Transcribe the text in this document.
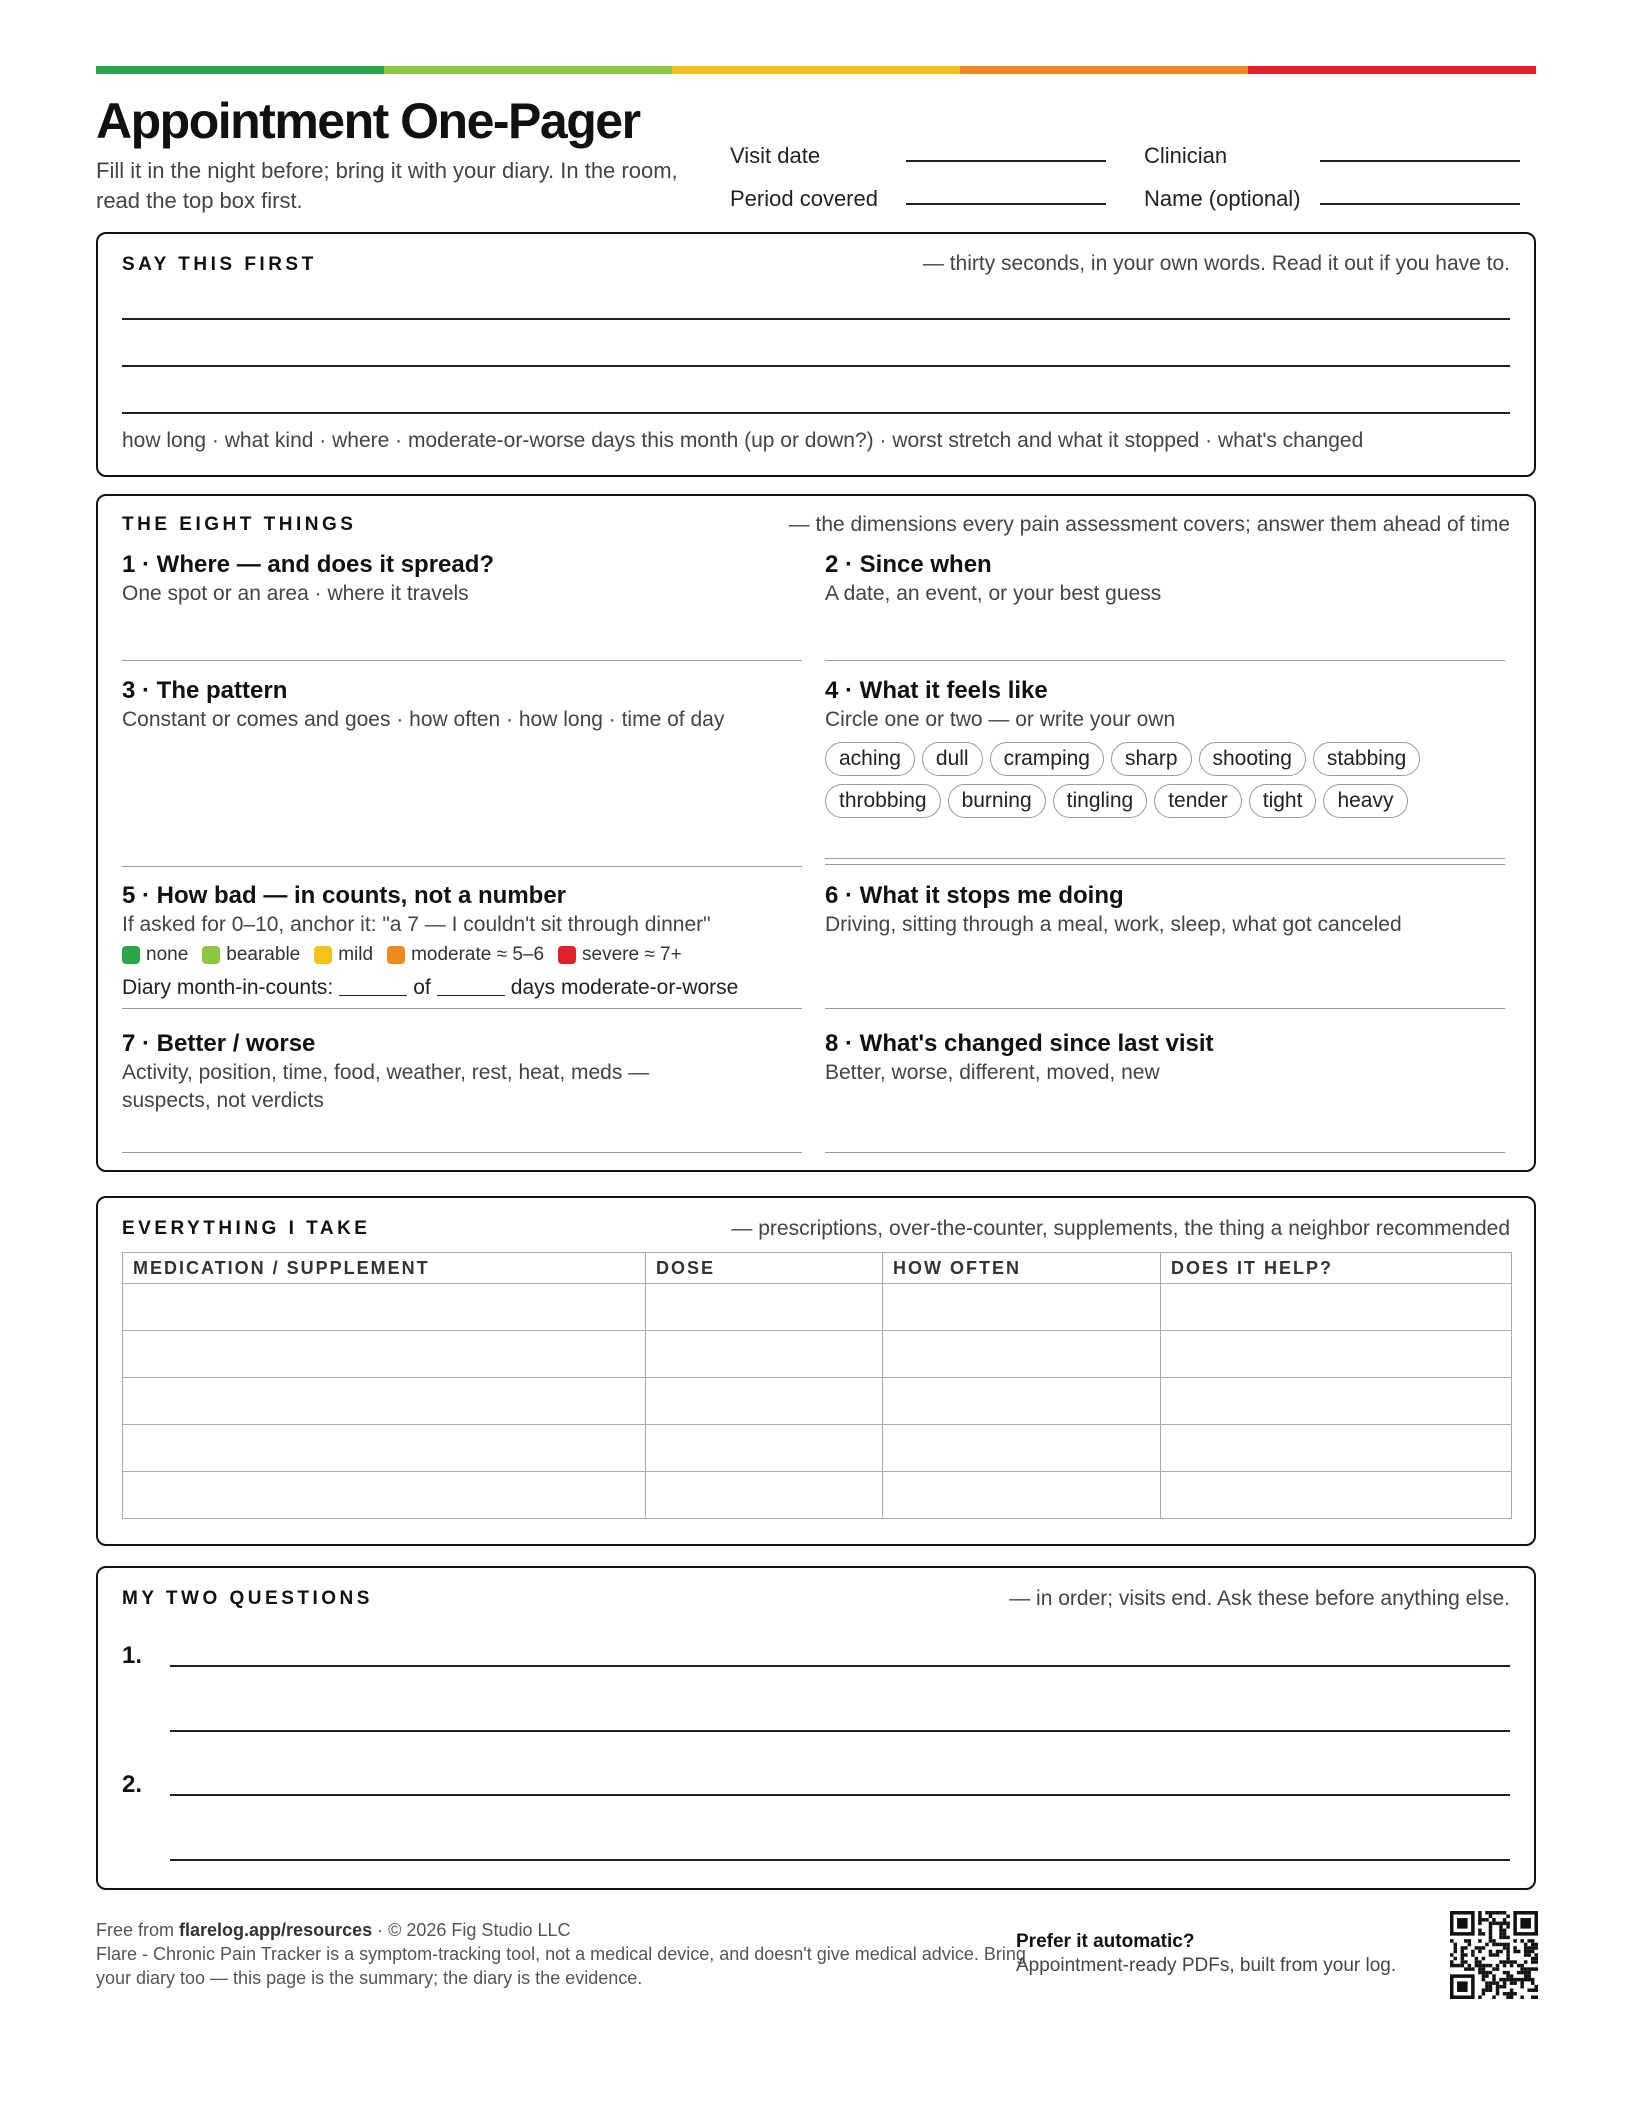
Appointment One-Pager
Fill it in the night before; bring it with your diary. In the room, read the top box first.
Visit date
Period covered
Clinician
Name (optional)
SAY THIS FIRST	— thirty seconds, in your own words. Read it out if you have to.
how long · what kind · where · moderate-or-worse days this month (up or down?) · worst stretch and what it stopped · what's changed
THE EIGHT THINGS	— the dimensions every pain assessment covers; answer them ahead of time
1 · Where — and does it spread?
One spot or an area · where it travels
2 · Since when
A date, an event, or your best guess
3 · The pattern
Constant or comes and goes · how often · how long · time of day
4 · What it feels like
Circle one or two — or write your own
aching	dull	cramping	sharp	shooting	stabbing
throbbing	burning	tingling	tender	tight	heavy
5 · How bad — in counts, not a number
If asked for 0–10, anchor it: "a 7 — I couldn't sit through dinner"
none bearable mild moderate ≈ 5–6 severe ≈ 7+
Diary month-in-counts:	of	days moderate-or-worse
6 · What it stops me doing
Driving, sitting through a meal, work, sleep, what got canceled
7 · Better / worse
Activity, position, time, food, weather, rest, heat, meds — suspects, not verdicts
8 · What's changed since last visit
Better, worse, different, moved, new
EVERYTHING I TAKE	— prescriptions, over-the-counter, supplements, the thing a neighbor recommended
MEDICATION / SUPPLEMENT	DOSE	HOW OFTEN	DOES IT HELP?

MY TWO QUESTIONS	— in order; visits end. Ask these before anything else.
1.
2.
Free from flarelog.app/resources · © 2026 Fig Studio LLC
Flare - Chronic Pain Tracker is a symptom-tracking tool, not a medical device, and doesn't give medical advice. Bring your diary too — this page is the summary; the diary is the evidence.
Prefer it automatic?
Appointment-ready PDFs, built from your log.
